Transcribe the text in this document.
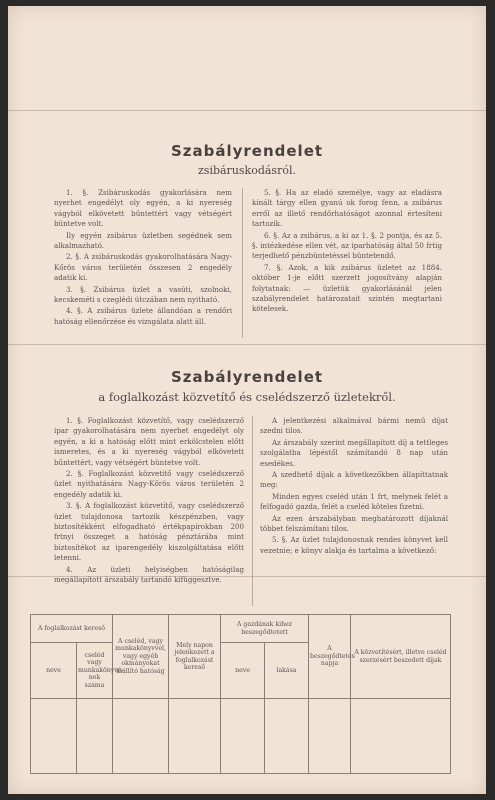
Szabályrendelet
zsibáruskodásról.

1. §. Zsibáruskodás gyakorlására nem nyerhet engedélyt oly egyén, a ki nyereség vágyból elkövetett bűntettért vagy vétségért büntetve volt.

Ily egyén zsibárus üzletben segédnek sem alkalmazható.

2. §. A zsibáruskodás gyakorolhatására Nagy-Kőrös város területén összesen 2 engedély adatik ki.

3. §. Zsibárus üzlet a vasúti, szolnoki, kecskeméti s czeglédi útczában nem nyitható.

4. §. A zsibárus üzlete állandóan a rendőri hatóság ellenőrzése és vizsgálata alatt áll.

5. §. Ha az eladó személye, vagy az eladásra kínált tárgy ellen gyanú ok forog fenn, a zsibárus erről az illető rendőrhatóságot azonnal értesíteni tartozik.

6. §. Az a zsibárus, a ki az 1. §. 2 pontja, és az 5. §. intézkedése ellen vét, az iparhatóság által 50 frtig terjedhető pénzbüntetéssel büntetendő.

7. §. Azok, a kik zsibárus üzletet az 1884. október 1-je előtt szerzett jogosítvány alapján folytatnak: — üzletük gyakorlásánál jelen szabályrendelet határozatait szintén megtartani kötelesek.

Szabályrendelet
a foglalkozást közvetítő és cselédszerző üzletekről.

1. §. Foglalkozást közvetítő, vagy cselédszerző ipar gyakorolhatására nem nyerhet engedélyt oly egyén, a ki a hatóság előtt mint erkölcstelen előtt ismeretes, és a ki nyereség vágyból elkövetett bűntettért, vagy vétségért büntetve volt.

2. §. Foglalkozást közvetítő vagy cselédszerző üzlet nyithatására Nagy-Kőrös város területén 2 engedély adatik ki.

3. §. A foglalkozást közvetítő, vagy cselédszerző üzlet tulajdonosa tartozik készpénzben, vagy biztosítékként elfogadható értékpapírokban 200 frtnyi összeget a hatóság pénztárába mint biztosítékot az iparengedély kiszolgáltatása előtt letenni.

4. Az üzleti helyiségben hatóságilag megállapított árszabály tartandó kifüggesztve.

A jelentkezési alkalmával bármi nemű díjat szedni tilos.

Az árszabály szerint megállapított díj a tettleges szolgálatba lépéstől számítandó 8 nap után esedékes.

A szedhető díjak a következőkben állapíttatnak meg:

Minden egyes cseléd után 1 frt, melynek felét a felfogadó gazda, felét a cseléd köteles fizetni.

Az ezen árszabályban meghatározott díjaknál többet felszámítani tilos.

5. §. Az üzlet tulajdonosnak rendes könyvet kell vezetnie; e könyv alakja és tartalma a következő:

A foglalkozást kereső		A cseléd, vagy munkakönyvvel, vagy egyéb okmányokat kiállító hatóság	Mely napon jelenkezett a foglalkozást kereső	A gazdának kihez beszegődtetett		A beszegődtetés napja	A közvetítésért, illetve cseléd szerzésért beszedett díjak
neve	cseléd vagy munkakönyvé-nek száma			neve	lakása		
